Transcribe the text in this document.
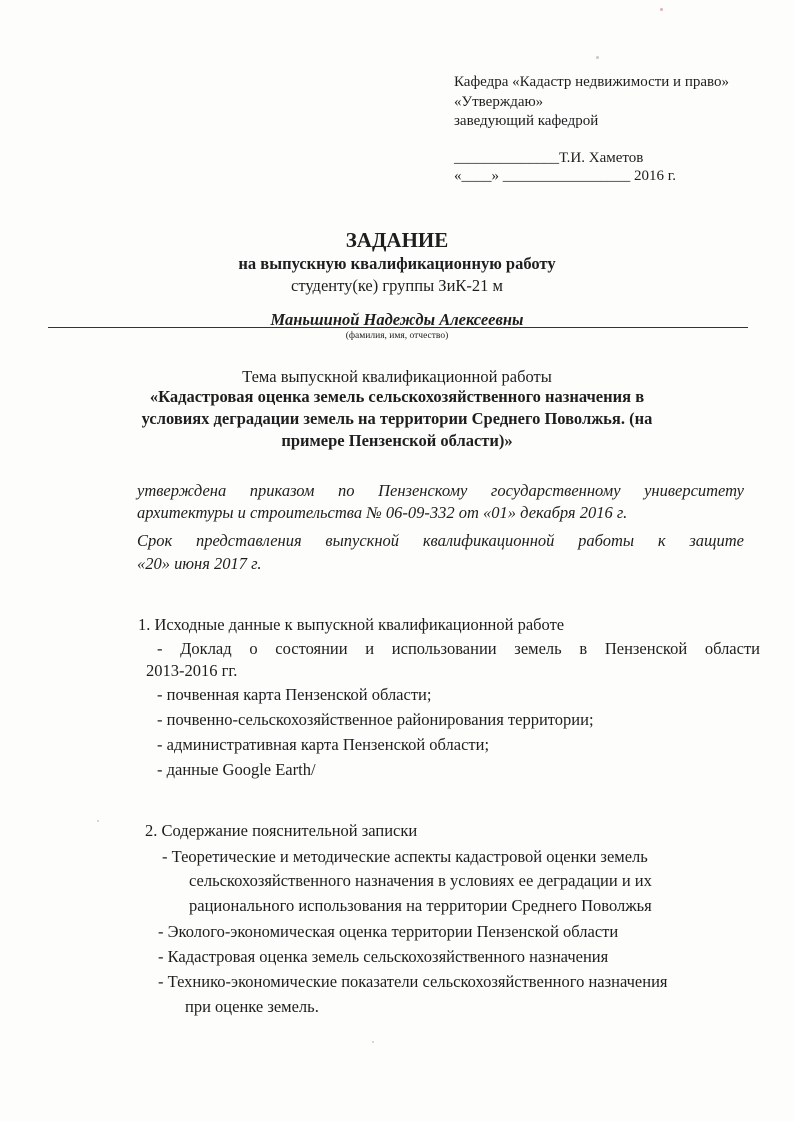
Кафедра «Кадастр недвижимости и право»
«Утверждаю»
заведующий кафедрой
______________Т.И. Хаметов
«____» _________________ 2016 г.
ЗАДАНИЕ
на выпускную квалификационную работу
студенту(ке) группы ЗиК-21 м
Маньшиной Надежды Алексеевны
(фамилия, имя, отчество)
Тема выпускной квалификационной работы
«Кадастровая оценка земель сельскохозяйственного назначения в
условиях деградации земель на территории Среднего Поволжья. (на
примере Пензенской области)»
утверждена приказом по Пензенскому государственному университету
архитектуры и строительства № 06-09-332 от «01» декабря 2016 г.
Срок представления выпускной квалификационной работы к защите
«20» июня 2017 г.
1. Исходные данные к выпускной квалификационной работе
- Доклад о состоянии и использовании земель в Пензенской области
2013-2016 гг.
- почвенная карта Пензенской области;
- почвенно-сельскохозяйственное районирования территории;
- административная карта Пензенской области;
- данные Google Earth/
2. Содержание пояснительной записки
- Теоретические и методические аспекты кадастровой оценки земель
сельскохозяйственного назначения в условиях ее деградации и их
рационального использования на территории Среднего Поволжья
- Эколого-экономическая оценка территории Пензенской области
- Кадастровая оценка земель сельскохозяйственного назначения
- Технико-экономические показатели сельскохозяйственного назначения
при оценке земель.
